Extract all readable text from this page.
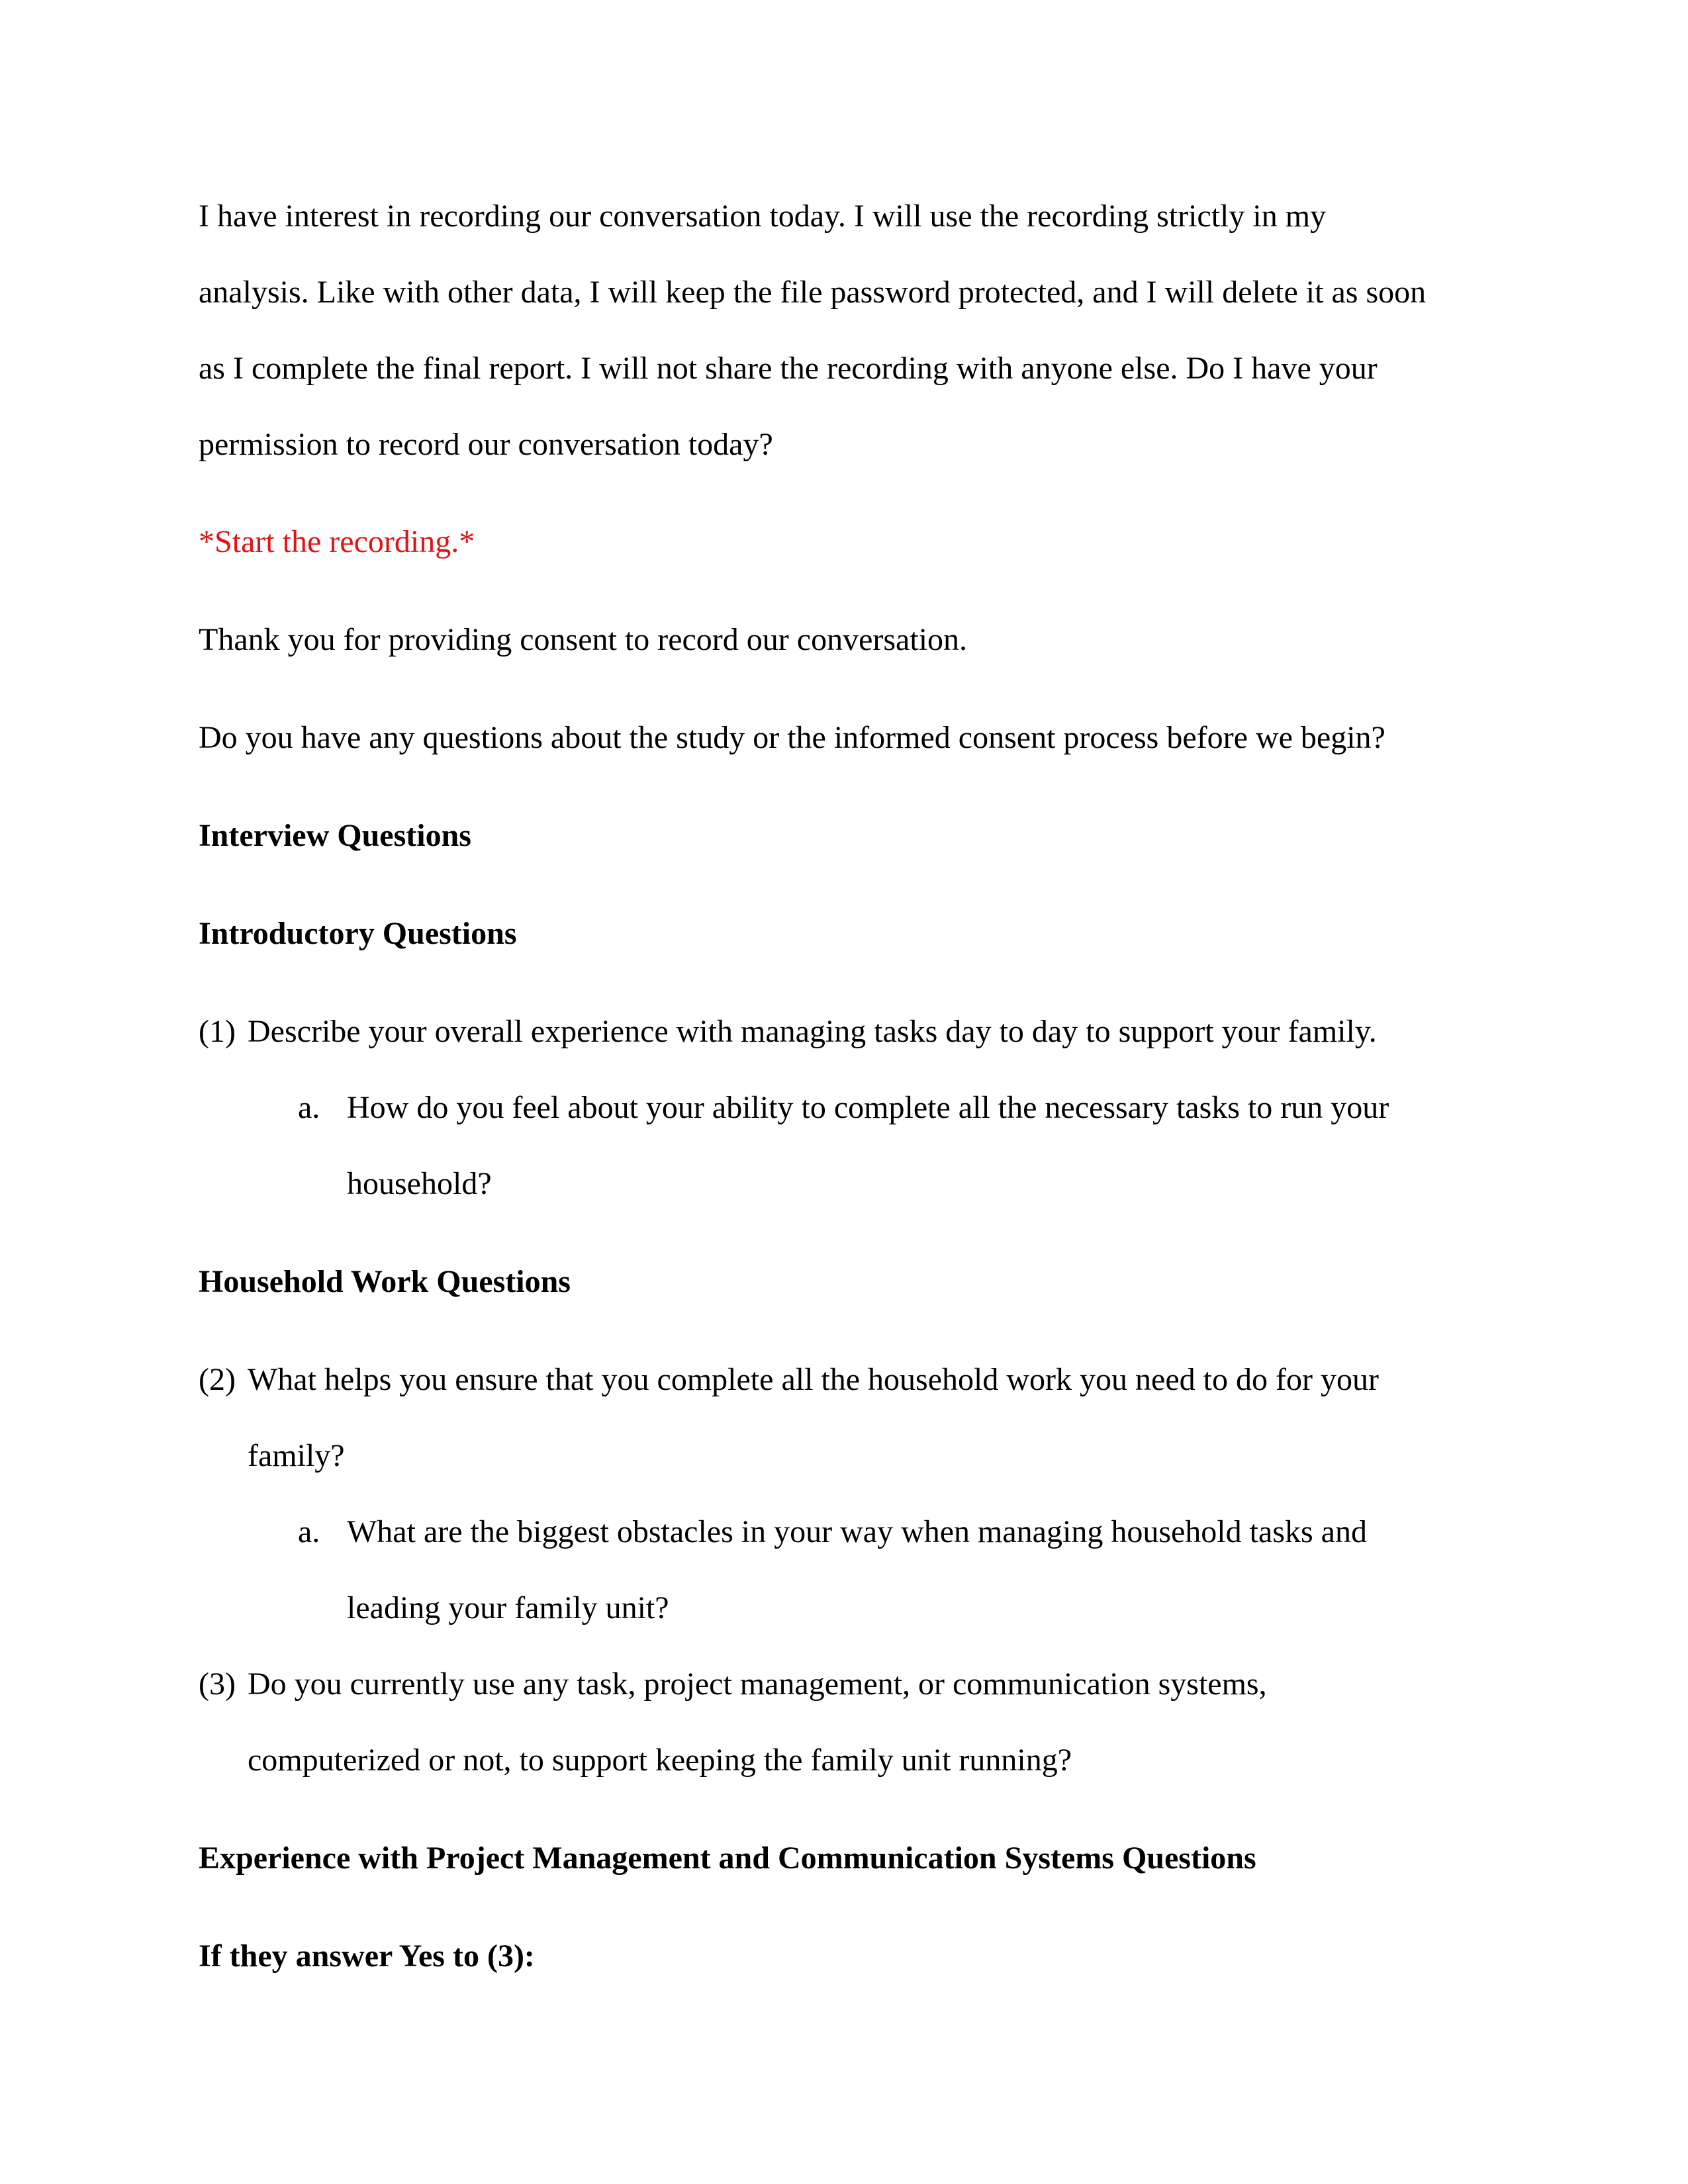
I have interest in recording our conversation today. I will use the recording strictly in my
analysis. Like with other data, I will keep the file password protected, and I will delete it as soon
as I complete the final report. I will not share the recording with anyone else. Do I have your
permission to record our conversation today?
*Start the recording.*
Thank you for providing consent to record our conversation.
Do you have any questions about the study or the informed consent process before we begin?
Interview Questions
Introductory Questions
(1) Describe your overall experience with managing tasks day to day to support your family.
a. How do you feel about your ability to complete all the necessary tasks to run your
household?
Household Work Questions
(2) What helps you ensure that you complete all the household work you need to do for your
family?
a. What are the biggest obstacles in your way when managing household tasks and
leading your family unit?
(3) Do you currently use any task, project management, or communication systems,
computerized or not, to support keeping the family unit running?
Experience with Project Management and Communication Systems Questions
If they answer Yes to (3):
